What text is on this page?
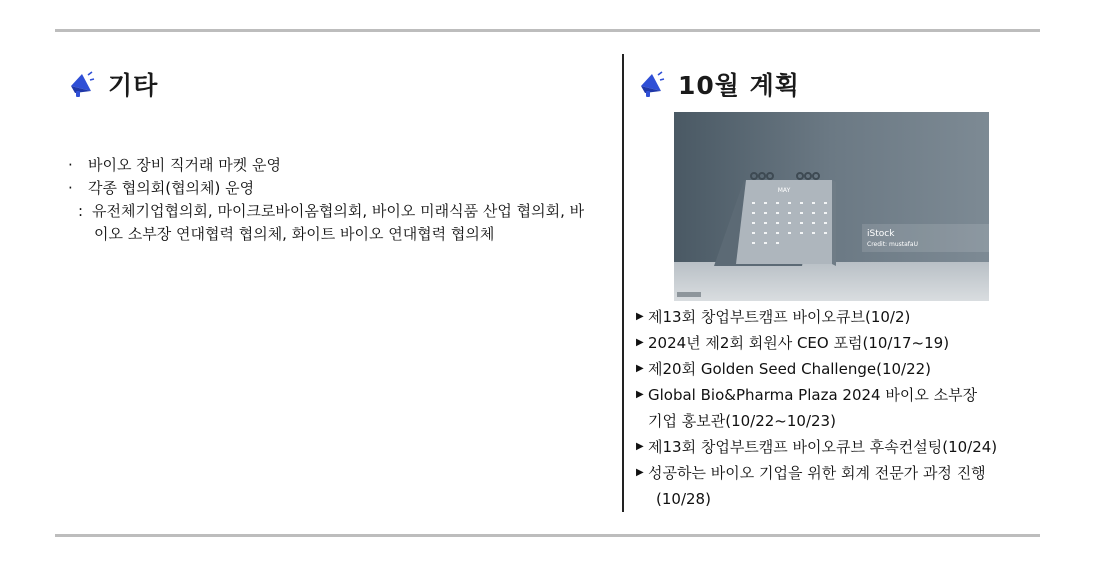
기타
·	바이오 장비 직거래 마켓 운영
·	각종 협의회(협의체) 운영
: 유전체기업협의회, 마이크로바이옴협의회, 바이오 미래식품 산업 협의회, 바
이오 소부장 연대협력 협의체, 화이트 바이오 연대협력 협의체
10월 계획
MAY
iStock
Credit: mustafaU
▶ 제13회 창업부트캠프 바이오큐브(10/2)
▶ 2024년 제2회 회원사 CEO 포럼(10/17~19)
▶ 제20회 Golden Seed Challenge(10/22)
▶ Global Bio&Pharma Plaza 2024 바이오 소부장
기업 홍보관(10/22~10/23)
▶ 제13회 창업부트캠프 바이오큐브 후속컨설팅(10/24)
▶ 성공하는 바이오 기업을 위한 회계 전문가 과정 진행
(10/28)
